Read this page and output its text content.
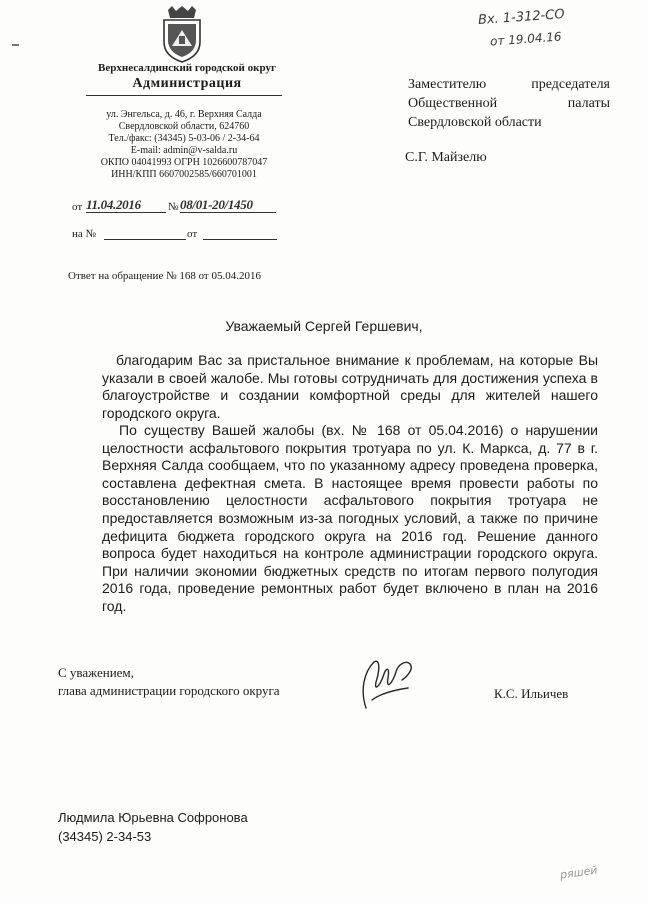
Верхнесалдинский городской округ
Администрация
ул. Энгельса, д. 46, г. Верхняя Салда
Свердловской области, 624760
Тел./факс: (34345) 5-03-06 / 2-34-64
E-mail: admin@v-salda.ru
ОКПО 04041993 ОГРН 1026600787047
ИНН/КПП 6607002585/660701001
от 11.04.2016 № 08/01-20/1450
на №	от
Вх. 1-312-СО
от 19.04.16
Заместителю	председателя
Общественной	палаты
Свердловской области
С.Г. Майзелю
Ответ на обращение № 168 от 05.04.2016
Уважаемый Сергей Гершевич,

благодарим Вас за пристальное внимание к проблемам, на которые Вы указали в своей жалобе. Мы готовы сотрудничать для достижения успеха в благоустройстве и создании комфортной среды для жителей нашего городского округа.

По существу Вашей жалобы (вх. № 168 от 05.04.2016) о нарушении целостности асфальтового покрытия тротуара по ул. К. Маркса, д. 77 в г. Верхняя Салда сообщаем, что по указанному адресу проведена проверка, составлена дефектная смета. В настоящее время провести работы по восстановлению целостности асфальтового покрытия тротуара не предоставляется возможным из-за погодных условий, а также по причине дефицита бюджета городского округа на 2016 год. Решение данного вопроса будет находиться на контроле администрации городского округа. При наличии экономии бюджетных средств по итогам первого полугодия 2016 года, проведение ремонтных работ будет включено в план на 2016 год.

С уважением,
глава администрации городского округа	К.С. Ильичев
Людмила Юрьевна Софронова
(34345) 2-34-53
ряшей
